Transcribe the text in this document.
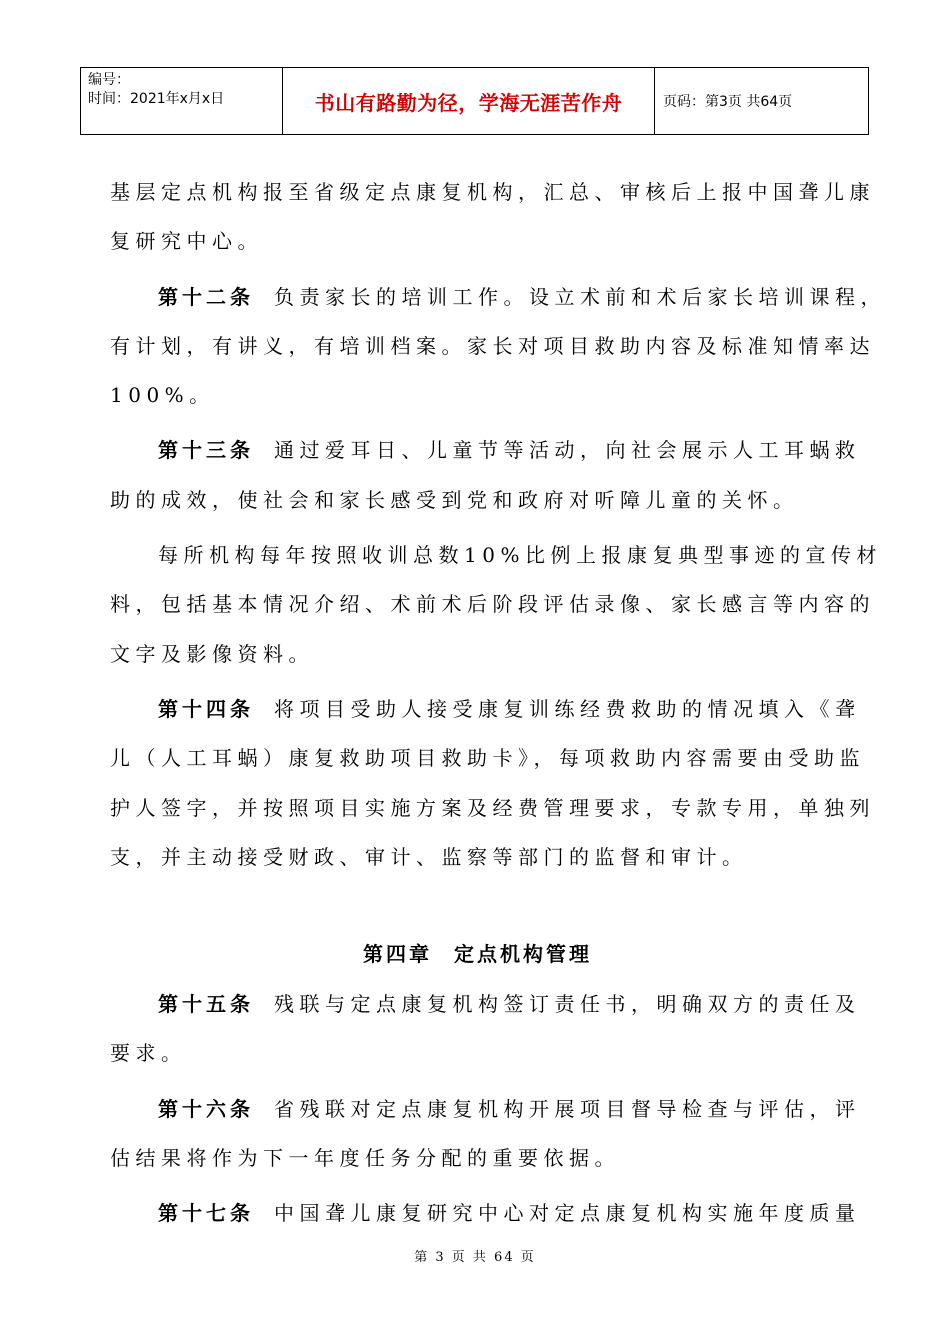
编号：
时间：2021年x月x日	书山有路勤为径，学海无涯苦作舟	页码：第3页 共64页
基层定点机构报至省级定点康复机构，汇总、审核后上报中国聋儿康
复研究中心。
第十二条 负责家长的培训工作。设立术前和术后家长培训课程，
有计划，有讲义，有培训档案。家长对项目救助内容及标准知情率达
100%。
第十三条 通过爱耳日、儿童节等活动，向社会展示人工耳蜗救
助的成效，使社会和家长感受到党和政府对听障儿童的关怀。
每所机构每年按照收训总数10%比例上报康复典型事迹的宣传材
料，包括基本情况介绍、术前术后阶段评估录像、家长感言等内容的
文字及影像资料。
第十四条 将项目受助人接受康复训练经费救助的情况填入《聋
儿（人工耳蜗）康复救助项目救助卡》，每项救助内容需要由受助监
护人签字，并按照项目实施方案及经费管理要求，专款专用，单独列
支，并主动接受财政、审计、监察等部门的监督和审计。
第四章 定点机构管理
第十五条 残联与定点康复机构签订责任书，明确双方的责任及
要求。
第十六条 省残联对定点康复机构开展项目督导检查与评估，评
估结果将作为下一年度任务分配的重要依据。
第十七条 中国聋儿康复研究中心对定点康复机构实施年度质量
第 3 页 共 64 页
